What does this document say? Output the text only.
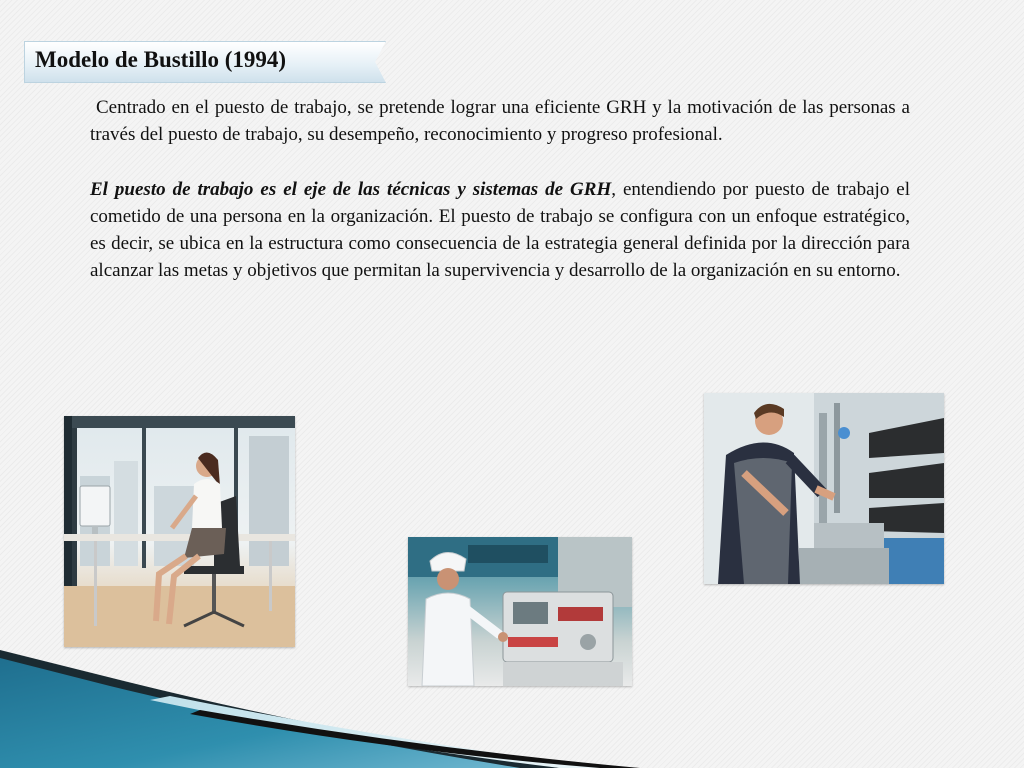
Modelo de Bustillo (1994)

Centrado en el puesto de trabajo, se pretende lograr una eficiente GRH y la motivación de las personas a través del puesto de trabajo, su desempeño, reconocimiento y progreso profesional.

El puesto de trabajo es el eje de las técnicas y sistemas de GRH, entendiendo por puesto de trabajo el cometido de una persona en la organización. El puesto de trabajo se configura con un enfoque estratégico, es decir, se ubica en la estructura como consecuencia de la estrategia general definida por la dirección para alcanzar las metas y objetivos que permitan la supervivencia y desarrollo de la organización en su entorno.
